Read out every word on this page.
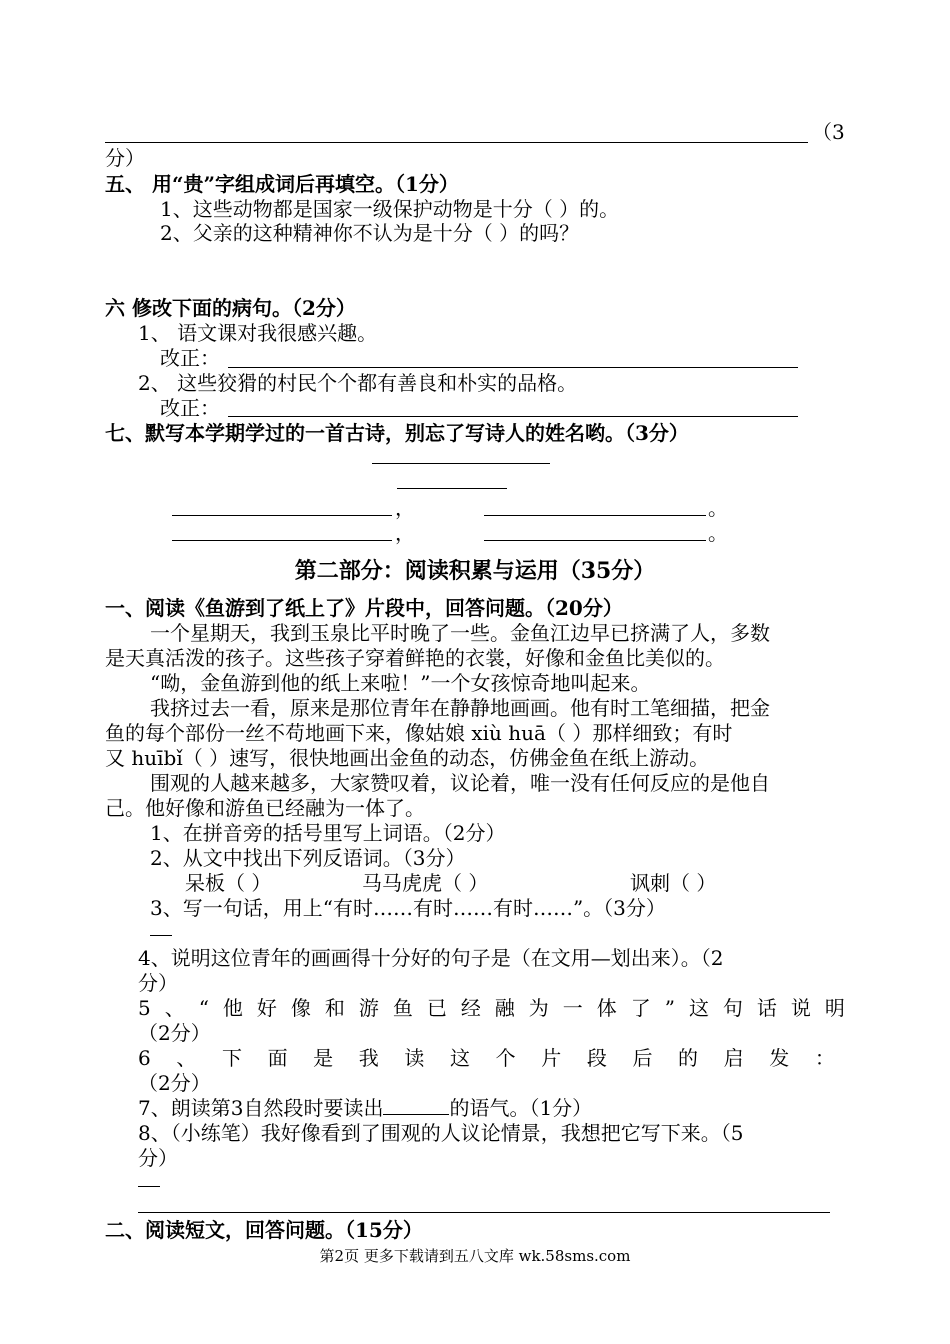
（3
分）
五、 用“贵”字组成词后再填空。（1分）
1、这些动物都是国家一级保护动物是十分（ ）的。
2、父亲的这种精神你不认为是十分（ ）的吗？
六 修改下面的病句。（2分）
1、 语文课对我很感兴趣。
改正：
2、 这些狡猾的村民个个都有善良和朴实的品格。
改正：
七、默写本学期学过的一首古诗，别忘了写诗人的姓名哟。（3分）
，	。
，	。
第二部分：阅读积累与运用（35分）
一、阅读《鱼游到了纸上了》片段中，回答问题。（20分）
一个星期天，我到玉泉比平时晚了一些。金鱼江边早已挤满了人，多数
是天真活泼的孩子。这些孩子穿着鲜艳的衣裳，好像和金鱼比美似的。
“呦，金鱼游到他的纸上来啦！”一个女孩惊奇地叫起来。
我挤过去一看，原来是那位青年在静静地画画。他有时工笔细描，把金
鱼的每个部份一丝不苟地画下来，像姑娘 xiù huā（ ）那样细致；有时
又 huībǐ（ ）速写，很快地画出金鱼的动态，仿佛金鱼在纸上游动。
围观的人越来越多，大家赞叹着，议论着，唯一没有任何反应的是他自
己。他好像和游鱼已经融为一体了。
1、在拼音旁的括号里写上词语。（2分）
2、从文中找出下列反语词。（3分）
呆板（ ）	马马虎虎（ ）	讽刺（ ）
3、写一句话，用上“有时……有时……有时……”。（3分）
4、说明这位青年的画画得十分好的句子是（在文用—划出来）。（2
分）
5 、 “ 他 好 像 和 游 鱼 已 经 融 为 一 体 了 ” 这 句 话 说 明
（2分）
6 、 下 面 是 我 读 这 个 片 段 后 的 启 发 ：
（2分）
7、朗读第3自然段时要读出	的语气。（1分）
8、（小练笔）我好像看到了围观的人议论情景，我想把它写下来。（5
分）
二、阅读短文，回答问题。（15分）
第2页 更多下载请到五八文库 wk.58sms.com
